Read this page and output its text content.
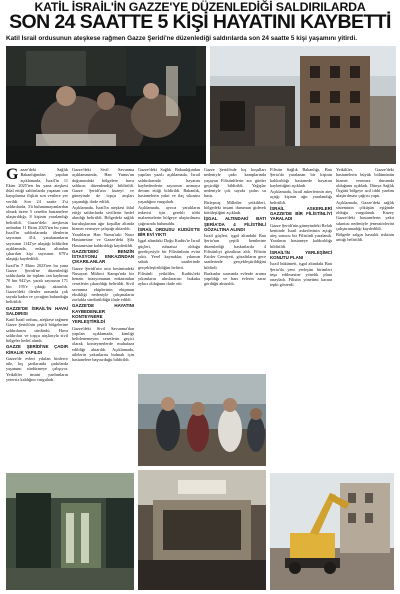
KATİL İSRAİL'İN GAZZE'YE DÜZENLEDİĞİ SALDIRILARDA
SON 24 SAATTE 5 KİŞİ HAYATINI KAYBETTİ
Katil İsrail ordusunun ateşkese rağmen Gazze Şeridi'ne düzenlediği saldırılarda son 24 saatte 5 kişi yaşamını yitirdi.
G azze'deki Sağlık Bakanlığından yapılan açıklamada, İsrail'in 11 Ekim 2025'ten bu yana ateşkesi ihlal ettiği saldırılarda yaşanan can kayıplarına ilişkin son verilere yer verildi. Son 24 saatte 2'si saldırılarda, 3'ü bulunamayanlardan olmak üzere 5 cesedin hastanelere ulaştırıldığı, 8 kişinin yaralandığı belirtildi. Gazze'deki ateşkesin ardından 11 Ekim 2025'ten bu yana İsrail'in saldırılarında ölenlerin sayısının 414, yaralananların sayısının 1142'ye ulaştığı bildirilen açıklamada, enkaz altından çıkarılan kişi sayısının 679'a ulaştığı kaydedildi.

İsrail'in 7 Ekim 2023'ten bu yana Gazze Şeridi'ne düzenlediği saldırılarda ise toplam can kaybının 70 bin 942'ye, yaralı sayısının 171 bin 195'e çıktığı aktarıldı. Gazze'deki ölenler arasında çok sayıda kadın ve çocuğun bulunduğu belirtildi.

GAZZE'DE İSRAİL'İN HAVAİ SALDIRISI

Katil İsrail ordusu, ateşkese rağmen Gazze Şeridi'nin çeşitli bölgelerine saldırılarını sürdürdü. Hava saldırıları ve topçu atışlarıyla sivil bölgeler hedef alındı.

GAZZE ŞERİDİ'NE ÇADIR KİRALIK YAPILDI

Gazze'de evleri yıkılan binlerce aile, kış şartlarında çadırlarda yaşamını sürdürmeye çalışıyor. Yetkililer insani yardımların yetersiz kaldığını vurguladı.

Gazze'deki Sivil Savunma açıklamasında, Han Yunus'un doğusundaki bölgelere hava saldırısı düzenlendiği bildirildi. Gazze Şeridi'nin kuzeyi ve güneyinde de topçu atışları yaşandığı ifade edildi.

Açıklamada, İsrail'in ateşkesi ihlal ettiği saldırılarda sivillerin hedef alındığı belirtildi. Bölgedeki sağlık kuruluşlarının ağır koşullar altında hizmet vermeye çalıştığı aktarıldı.

Yaralıların Han Yunus'taki Nasır Hastanesine ve Gazze'deki Şifa Hastanesine kaldırıldığı kaydedildi.

GAZZE'DEKİ BENZİN İSTASYONU ENKAZINDAN ÇIKARILANLAR

Gazze Şeridi'nin orta kesimindeki Nusayrat Mülteci Kampı'nda bir benzin istasyonunun enkazından cesetlerin çıkarıldığı belirtildi. Sivil savunma ekiplerinin ekipman eksikliği nedeniyle çalışmaların zorlukla sürdürüldüğü ifade edildi.

GAZZE'DE HAYATINI KAYBEDENLER KONTEYNERE YERLEŞTİRİLDİ

Gazze'deki Sivil Savunma'dan yapılan açıklamada, kimliği belirlenemeyen cesetlerin geçici olarak konteynerlerde muhafaza edildiği aktarıldı. Açıklamada, ailelerin yakınlarını bulmak için hastanelere başvurduğu bildirildi.

Gazze'deki Sağlık Bakanlığından yapılan yazılı açıklamada, İsrail saldırılarında hayatını kaybedenlerin sayısının artmaya devam ettiği bildirildi. Bakanlık, hastanelerin yakıt ve ilaç sıkıntısı yaşadığını vurguladı.

Açıklamada, ayrıca yaralıların tedavisi için gerekli tıbbi malzemelerin bölgeye ulaştırılması çağrısında bulunuldu.

İSRAİL ORDUSU KUDÜS'TE BİR EVİ YIKTI

İşgal altındaki Doğu Kudüs'te İsrail güçleri, ruhsatsız olduğu gerekçesiyle bir Filistinlinin evini yıktı. Yerel kaynaklar, yıkımın sabah saatlerinde gerçekleştirildiğini belirtti.

Filistinli yetkililer, Kudüs'teki yıkımların uluslararası hukuka aykırı olduğunu ifade etti.

Gazze Şeridi'nde kış koşulları nedeniyle çadır kamplarında yaşayan Filistinlilerin zor günler geçirdiği bildirildi. Yağışlar nedeniyle çok sayıda çadırı su bastı.

Birleşmiş Milletler yetkilileri, bölgedeki insani durumun giderek kötüleştiğini açıkladı.

İŞGAL ALTINDAKİ BATI ŞERİA'DA 4 FİLİSTİNLİ GÖZALTINA ALINDI

İsrail güçleri, işgal altındaki Batı Şeria'nın çeşitli kentlerine düzenlediği baskınlarda 4 Filistinliyi gözaltına aldı. Filistin Esirler Cemiyeti, gözaltıların gece saatlerinde gerçekleştirildiğini bildirdi.

Baskınlar sırasında evlerde arama yapıldığı ve bazı evlerin zarar gördüğü aktarıldı.

Filistin Sağlık Bakanlığı, Batı Şeria'da yaralanan bir kişinin kaldırıldığı hastanede hayatını kaybettiğini açıkladı.

Açıklamada, İsrail askerlerinin ateş açtığı kişinin ağır yaralandığı belirtildi.

İSRAİL ASKERLERİ GAZZE'DE BİR FİLİSTİNLİYİ YARALADI

Gazze Şeridi'nin güneyindeki Refah kentinde İsrail askerlerinin açtığı ateş sonucu bir Filistinli yaralandı. Yaralının hastaneye kaldırıldığı bildirildi.

İSRAİL'İN YERLEŞİMCİ KONUTU PLANI

İsrail hükümeti, işgal altındaki Batı Şeria'da yeni yerleşim birimleri inşa edilmesine yönelik planı onayladı. Filistin yönetimi karara tepki gösterdi.

Yetkililer, Gazze'deki hastanelerin büyük bölümünün hizmet veremez durumda olduğunu açıkladı. Dünya Sağlık Örgütü bölgeye acil tıbbi yardım ulaştırılması çağrısı yaptı.

Açıklamada, Gazze'deki sağlık sisteminin çöküşün eşiğinde olduğu vurgulandı. Kuzey Gazze'deki hastanelerin yakıt sıkıntısı nedeniyle jeneratörlerini çalıştıramadığı kaydedildi.

Bölgede salgın hastalık riskinin arttığı belirtildi.
